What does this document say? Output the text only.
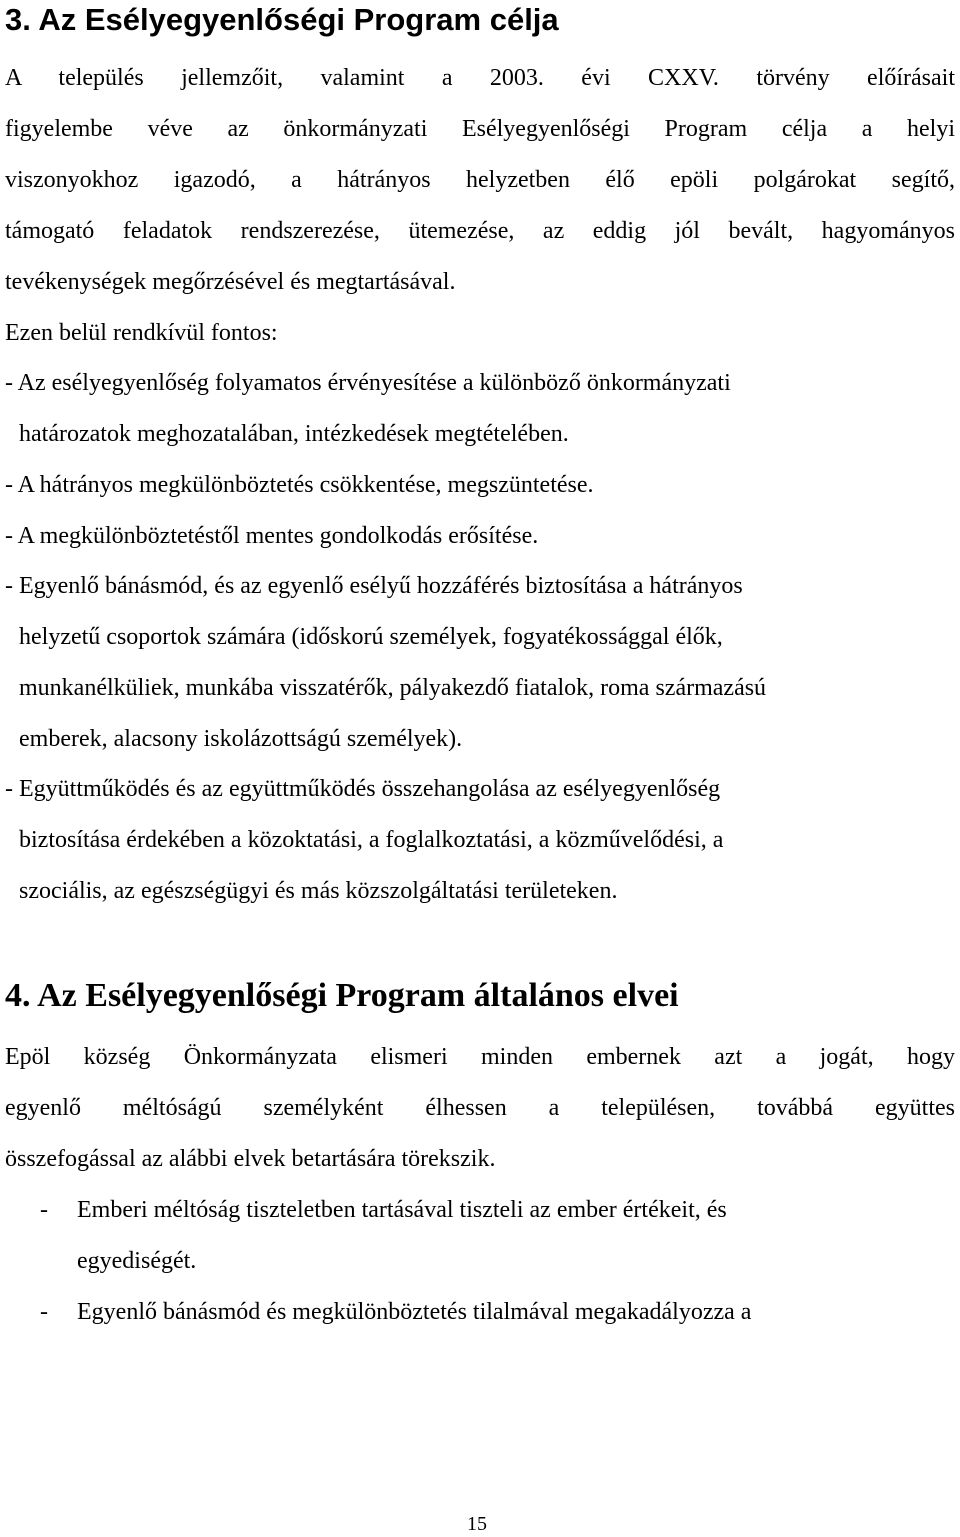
3. Az Esélyegyenlőségi Program célja
A település jellemzőit, valamint a 2003. évi CXXV. törvény előírásait
figyelembe véve az önkormányzati Esélyegyenlőségi Program célja a helyi
viszonyokhoz igazodó, a hátrányos helyzetben élő epöli polgárokat segítő,
támogató feladatok rendszerezése, ütemezése, az eddig jól bevált, hagyományos
tevékenységek megőrzésével és megtartásával.
Ezen belül rendkívül fontos:
- Az esélyegyenlőség folyamatos érvényesítése a különböző önkormányzati
határozatok meghozatalában, intézkedések megtételében.
- A hátrányos megkülönböztetés csökkentése, megszüntetése.
- A megkülönböztetéstől mentes gondolkodás erősítése.
- Egyenlő bánásmód, és az egyenlő esélyű hozzáférés biztosítása a hátrányos
helyzetű csoportok számára (időskorú személyek, fogyatékossággal élők,
munkanélküliek, munkába visszatérők, pályakezdő fiatalok, roma származású
emberek, alacsony iskolázottságú személyek).
- Együttműködés és az együttműködés összehangolása az esélyegyenlőség
biztosítása érdekében a közoktatási, a foglalkoztatási, a közművelődési, a
szociális, az egészségügyi és más közszolgáltatási területeken.
4. Az Esélyegyenlőségi Program általános elvei
Epöl község Önkormányzata elismeri minden embernek azt a jogát, hogy
egyenlő méltóságú személyként élhessen a településen, továbbá együttes
összefogással az alábbi elvek betartására törekszik.
- Emberi méltóság tiszteletben tartásával tiszteli az ember értékeit, és
egyediségét.
- Egyenlő bánásmód és megkülönböztetés tilalmával megakadályozza a
15
